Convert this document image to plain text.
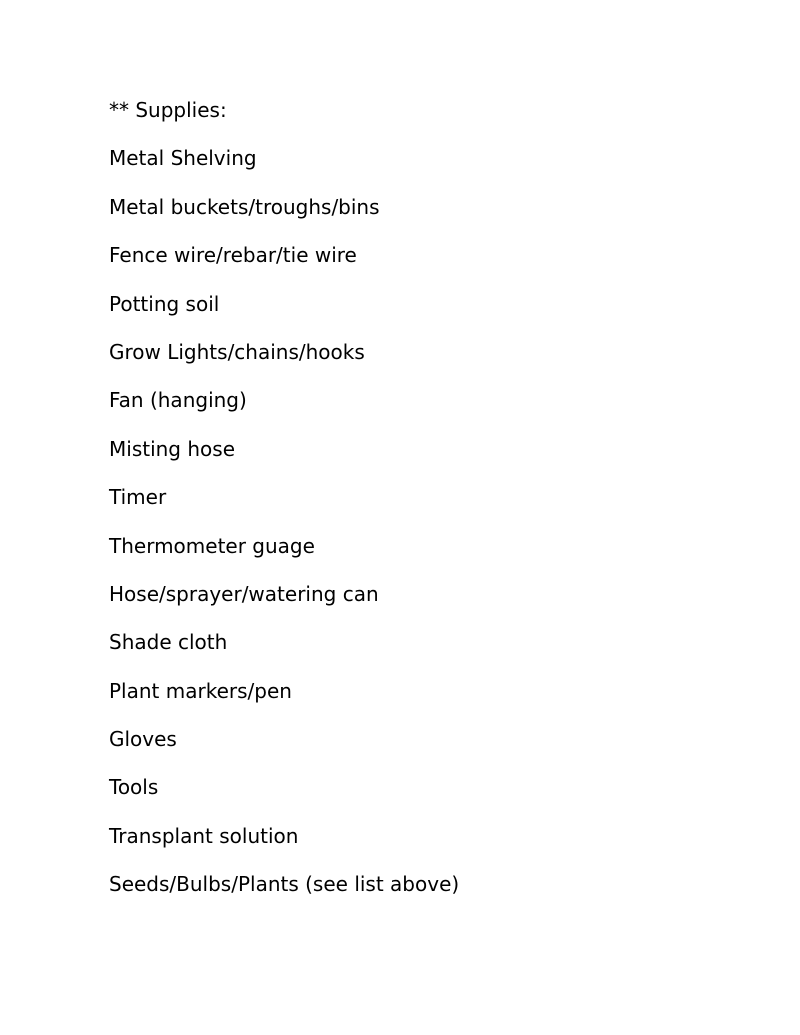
** Supplies:
Metal Shelving
Metal buckets/troughs/bins
Fence wire/rebar/tie wire
Potting soil
Grow Lights/chains/hooks
Fan (hanging)
Misting hose
Timer
Thermometer guage
Hose/sprayer/watering can
Shade cloth
Plant markers/pen
Gloves
Tools
Transplant solution
Seeds/Bulbs/Plants (see list above)
